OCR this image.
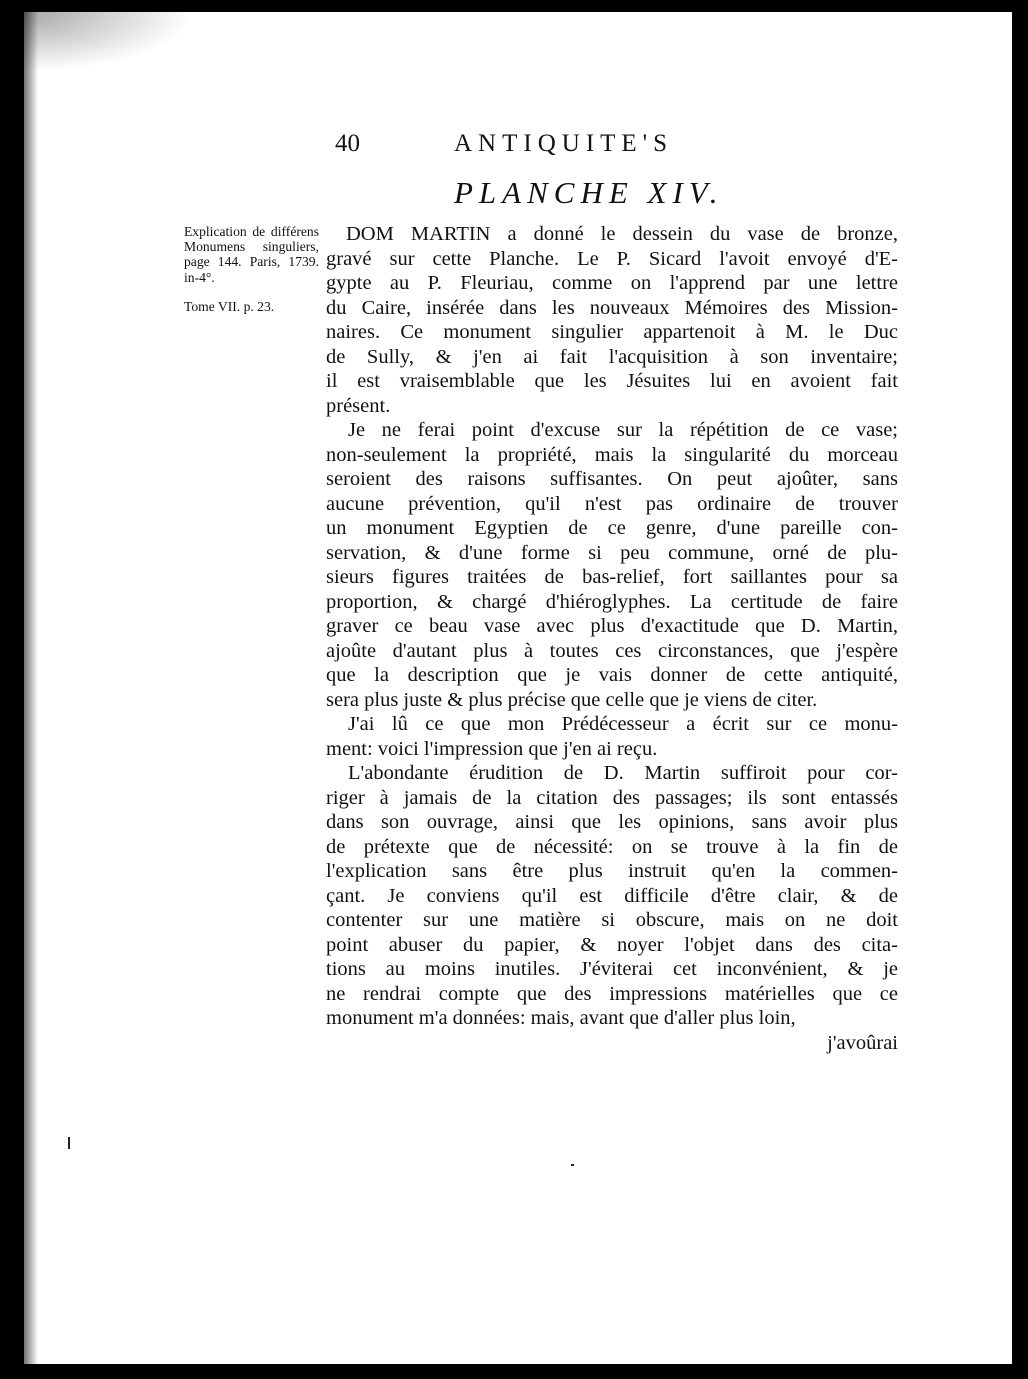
40	ANTIQUITE'S
PLANCHE XIV.

Explication de différens Monumens singuliers, page 144. Paris, 1739. in-4°.

Tome VII. p. 23.

DOM MARTIN a donné le dessein du vase de bronze,
gravé sur cette Planche. Le P. Sicard l'avoit envoyé d'E-
gypte au P. Fleuriau, comme on l'apprend par une lettre
du Caire, insérée dans les nouveaux Mémoires des Mission-
naires. Ce monument singulier appartenoit à M. le Duc
de Sully, & j'en ai fait l'acquisition à son inventaire;
il est vraisemblable que les Jésuites lui en avoient fait
présent.
Je ne ferai point d'excuse sur la répétition de ce vase;
non-seulement la propriété, mais la singularité du morceau
seroient des raisons suffisantes. On peut ajoûter, sans
aucune prévention, qu'il n'est pas ordinaire de trouver
un monument Egyptien de ce genre, d'une pareille con-
servation, & d'une forme si peu commune, orné de plu-
sieurs figures traitées de bas-relief, fort saillantes pour sa
proportion, & chargé d'hiéroglyphes. La certitude de faire
graver ce beau vase avec plus d'exactitude que D. Martin,
ajoûte d'autant plus à toutes ces circonstances, que j'espère
que la description que je vais donner de cette antiquité,
sera plus juste & plus précise que celle que je viens de citer.
J'ai lû ce que mon Prédécesseur a écrit sur ce monu-
ment: voici l'impression que j'en ai reçu.
L'abondante érudition de D. Martin suffiroit pour cor-
riger à jamais de la citation des passages; ils sont entassés
dans son ouvrage, ainsi que les opinions, sans avoir plus
de prétexte que de nécessité: on se trouve à la fin de
l'explication sans être plus instruit qu'en la commen-
çant. Je conviens qu'il est difficile d'être clair, & de
contenter sur une matière si obscure, mais on ne doit
point abuser du papier, & noyer l'objet dans des cita-
tions au moins inutiles. J'éviterai cet inconvénient, & je
ne rendrai compte que des impressions matérielles que ce
monument m'a données: mais, avant que d'aller plus loin,
j'avoûrai
